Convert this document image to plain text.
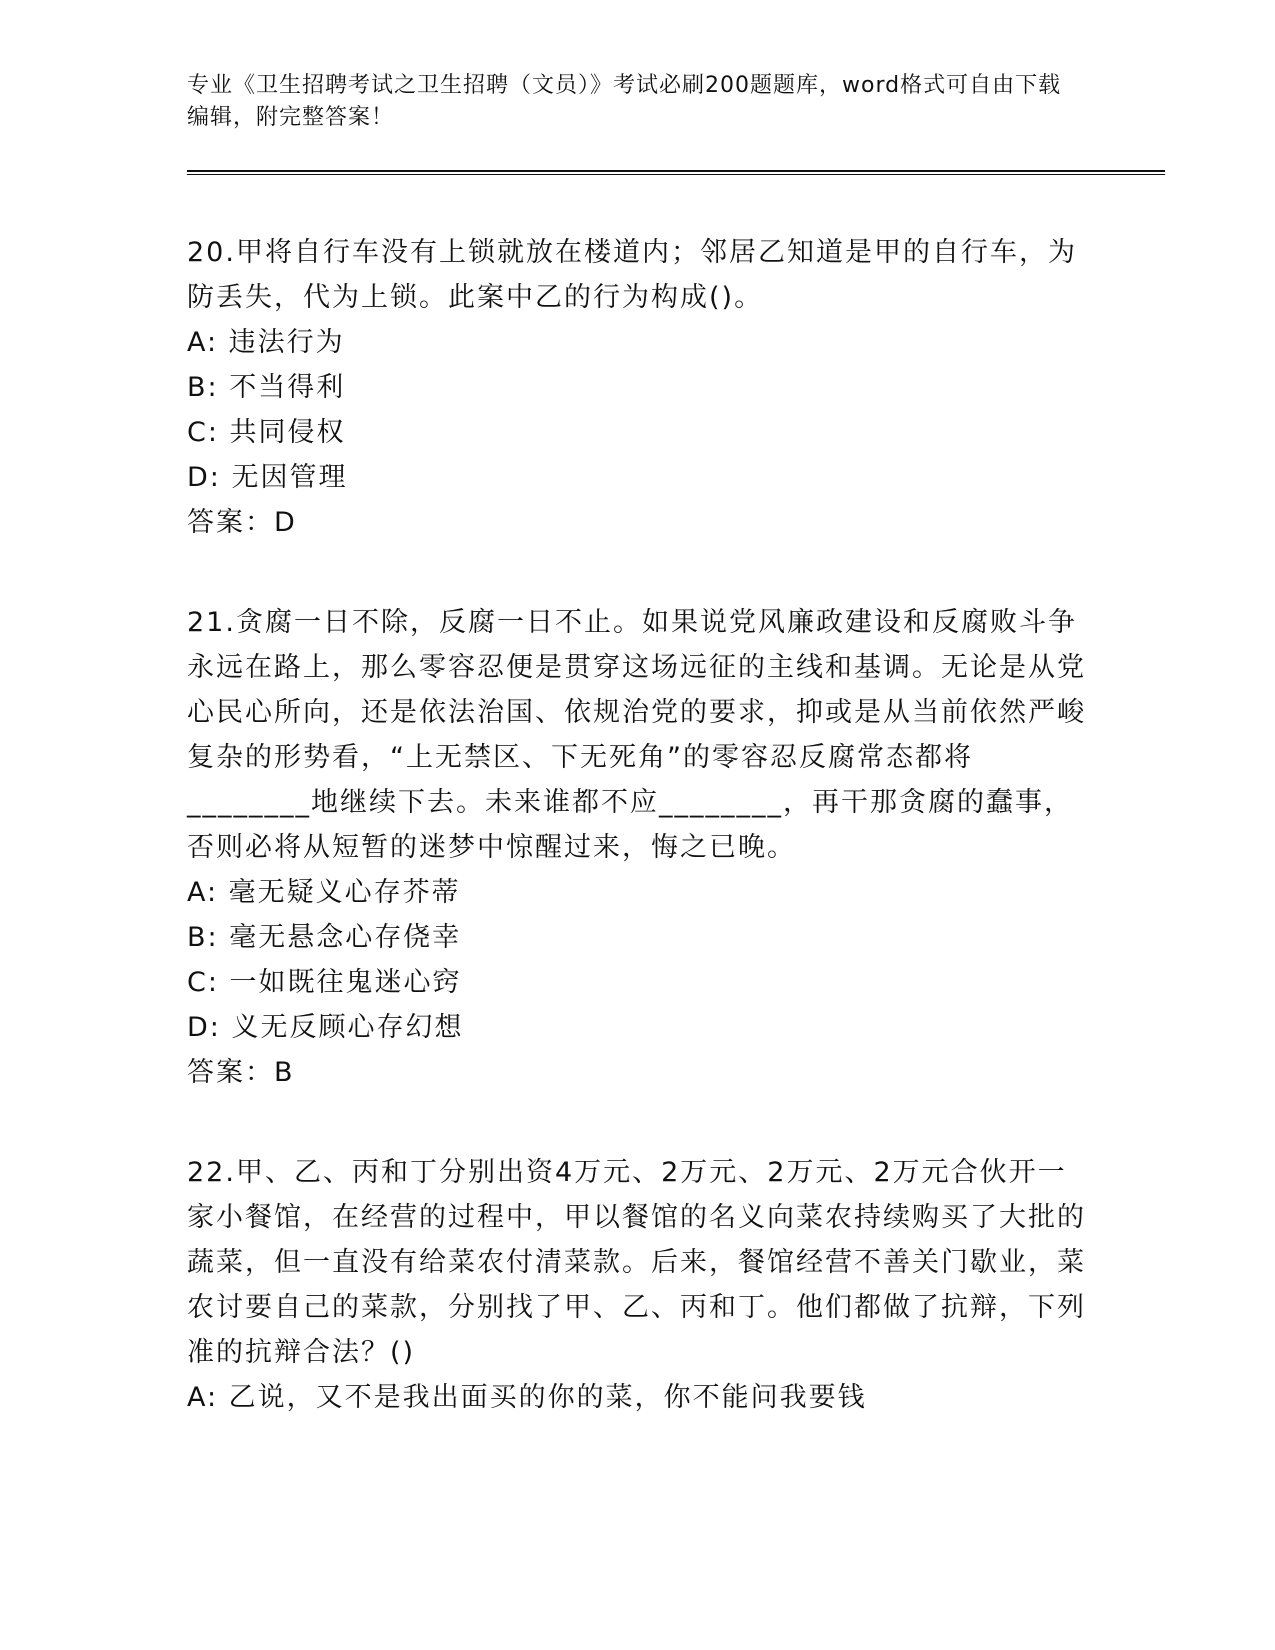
专业《卫生招聘考试之卫生招聘（文员）》考试必刷200题题库，word格式可自由下载编辑，附完整答案！

20.甲将自行车没有上锁就放在楼道内；邻居乙知道是甲的自行车，为防丢失，代为上锁。此案中乙的行为构成()。

A: 违法行为

B: 不当得利

C: 共同侵权

D: 无因管理

答案：D

21.贪腐一日不除，反腐一日不止。如果说党风廉政建设和反腐败斗争永远在路上，那么零容忍便是贯穿这场远征的主线和基调。无论是从党心民心所向，还是依法治国、依规治党的要求，抑或是从当前依然严峻复杂的形势看，“上无禁区、下无死角”的零容忍反腐常态都将________地继续下去。未来谁都不应________，再干那贪腐的蠢事，否则必将从短暂的迷梦中惊醒过来，悔之已晚。

A: 毫无疑义心存芥蒂

B: 毫无悬念心存侥幸

C: 一如既往鬼迷心窍

D: 义无反顾心存幻想

答案：B

22.甲、乙、丙和丁分别出资4万元、2万元、2万元、2万元合伙开一家小餐馆，在经营的过程中，甲以餐馆的名义向菜农持续购买了大批的蔬菜，但一直没有给菜农付清菜款。后来，餐馆经营不善关门歇业，菜农讨要自己的菜款，分别找了甲、乙、丙和丁。他们都做了抗辩，下列准的抗辩合法？()

A: 乙说，又不是我出面买的你的菜，你不能问我要钱
